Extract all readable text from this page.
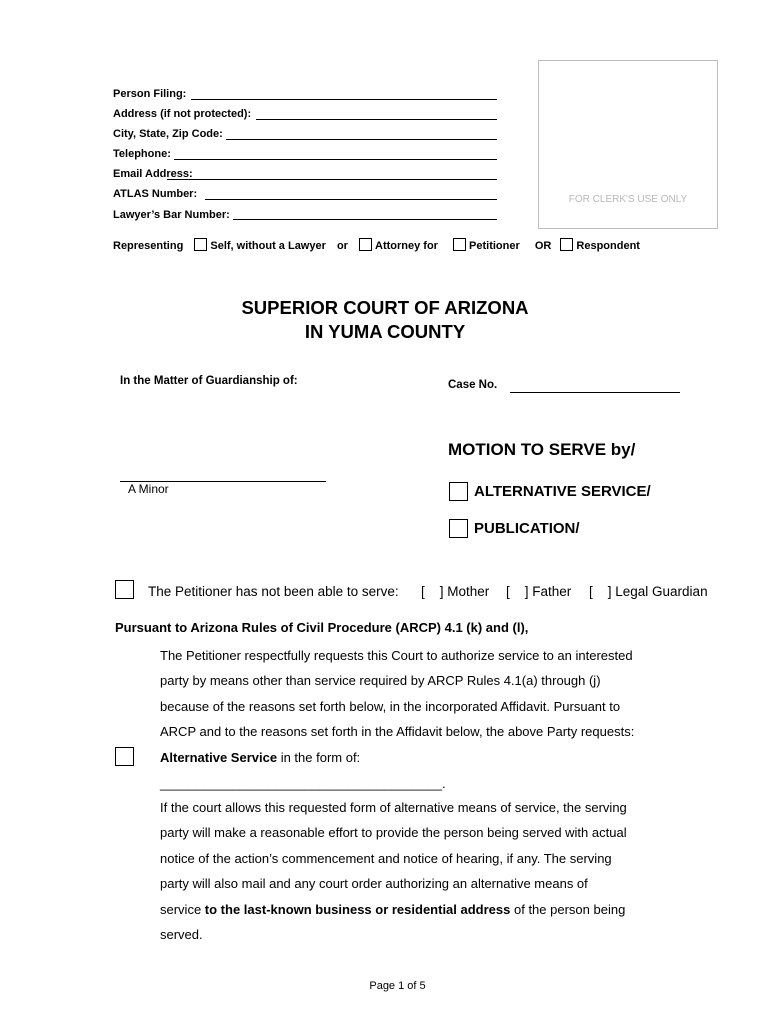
Person Filing:
Address (if not protected):
City, State, Zip Code:
Telephone:
Email Address:
ATLAS Number:
Lawyer’s Bar Number:
FOR CLERK'S USE ONLY
Representing Self, without a Lawyer or Attorney for	Petitioner OR Respondent
SUPERIOR COURT OF ARIZONA
IN YUMA COUNTY
In the Matter of Guardianship of:	Case No.
A Minor
MOTION TO SERVE by/
ALTERNATIVE SERVICE/
PUBLICATION/
The Petitioner has not been able to serve: [    ] Mother [    ] Father [    ] Legal Guardian
Pursuant to Arizona Rules of Civil Procedure (ARCP) 4.1 (k) and (l),

The Petitioner respectfully requests this Court to authorize service to an interested

party by means other than service required by ARCP Rules 4.1(a) through (j)

because of the reasons set forth below, in the incorporated Affidavit. Pursuant to

ARCP and to the reasons set forth in the Affidavit below, the above Party requests:

Alternative Service in the form of:

_______________________________________.

If the court allows this requested form of alternative means of service, the serving

party will make a reasonable effort to provide the person being served with actual

notice of the action’s commencement and notice of hearing, if any. The serving

party will also mail and any court order authorizing an alternative means of

service to the last-known business or residential address of the person being

served.

Page 1 of 5
